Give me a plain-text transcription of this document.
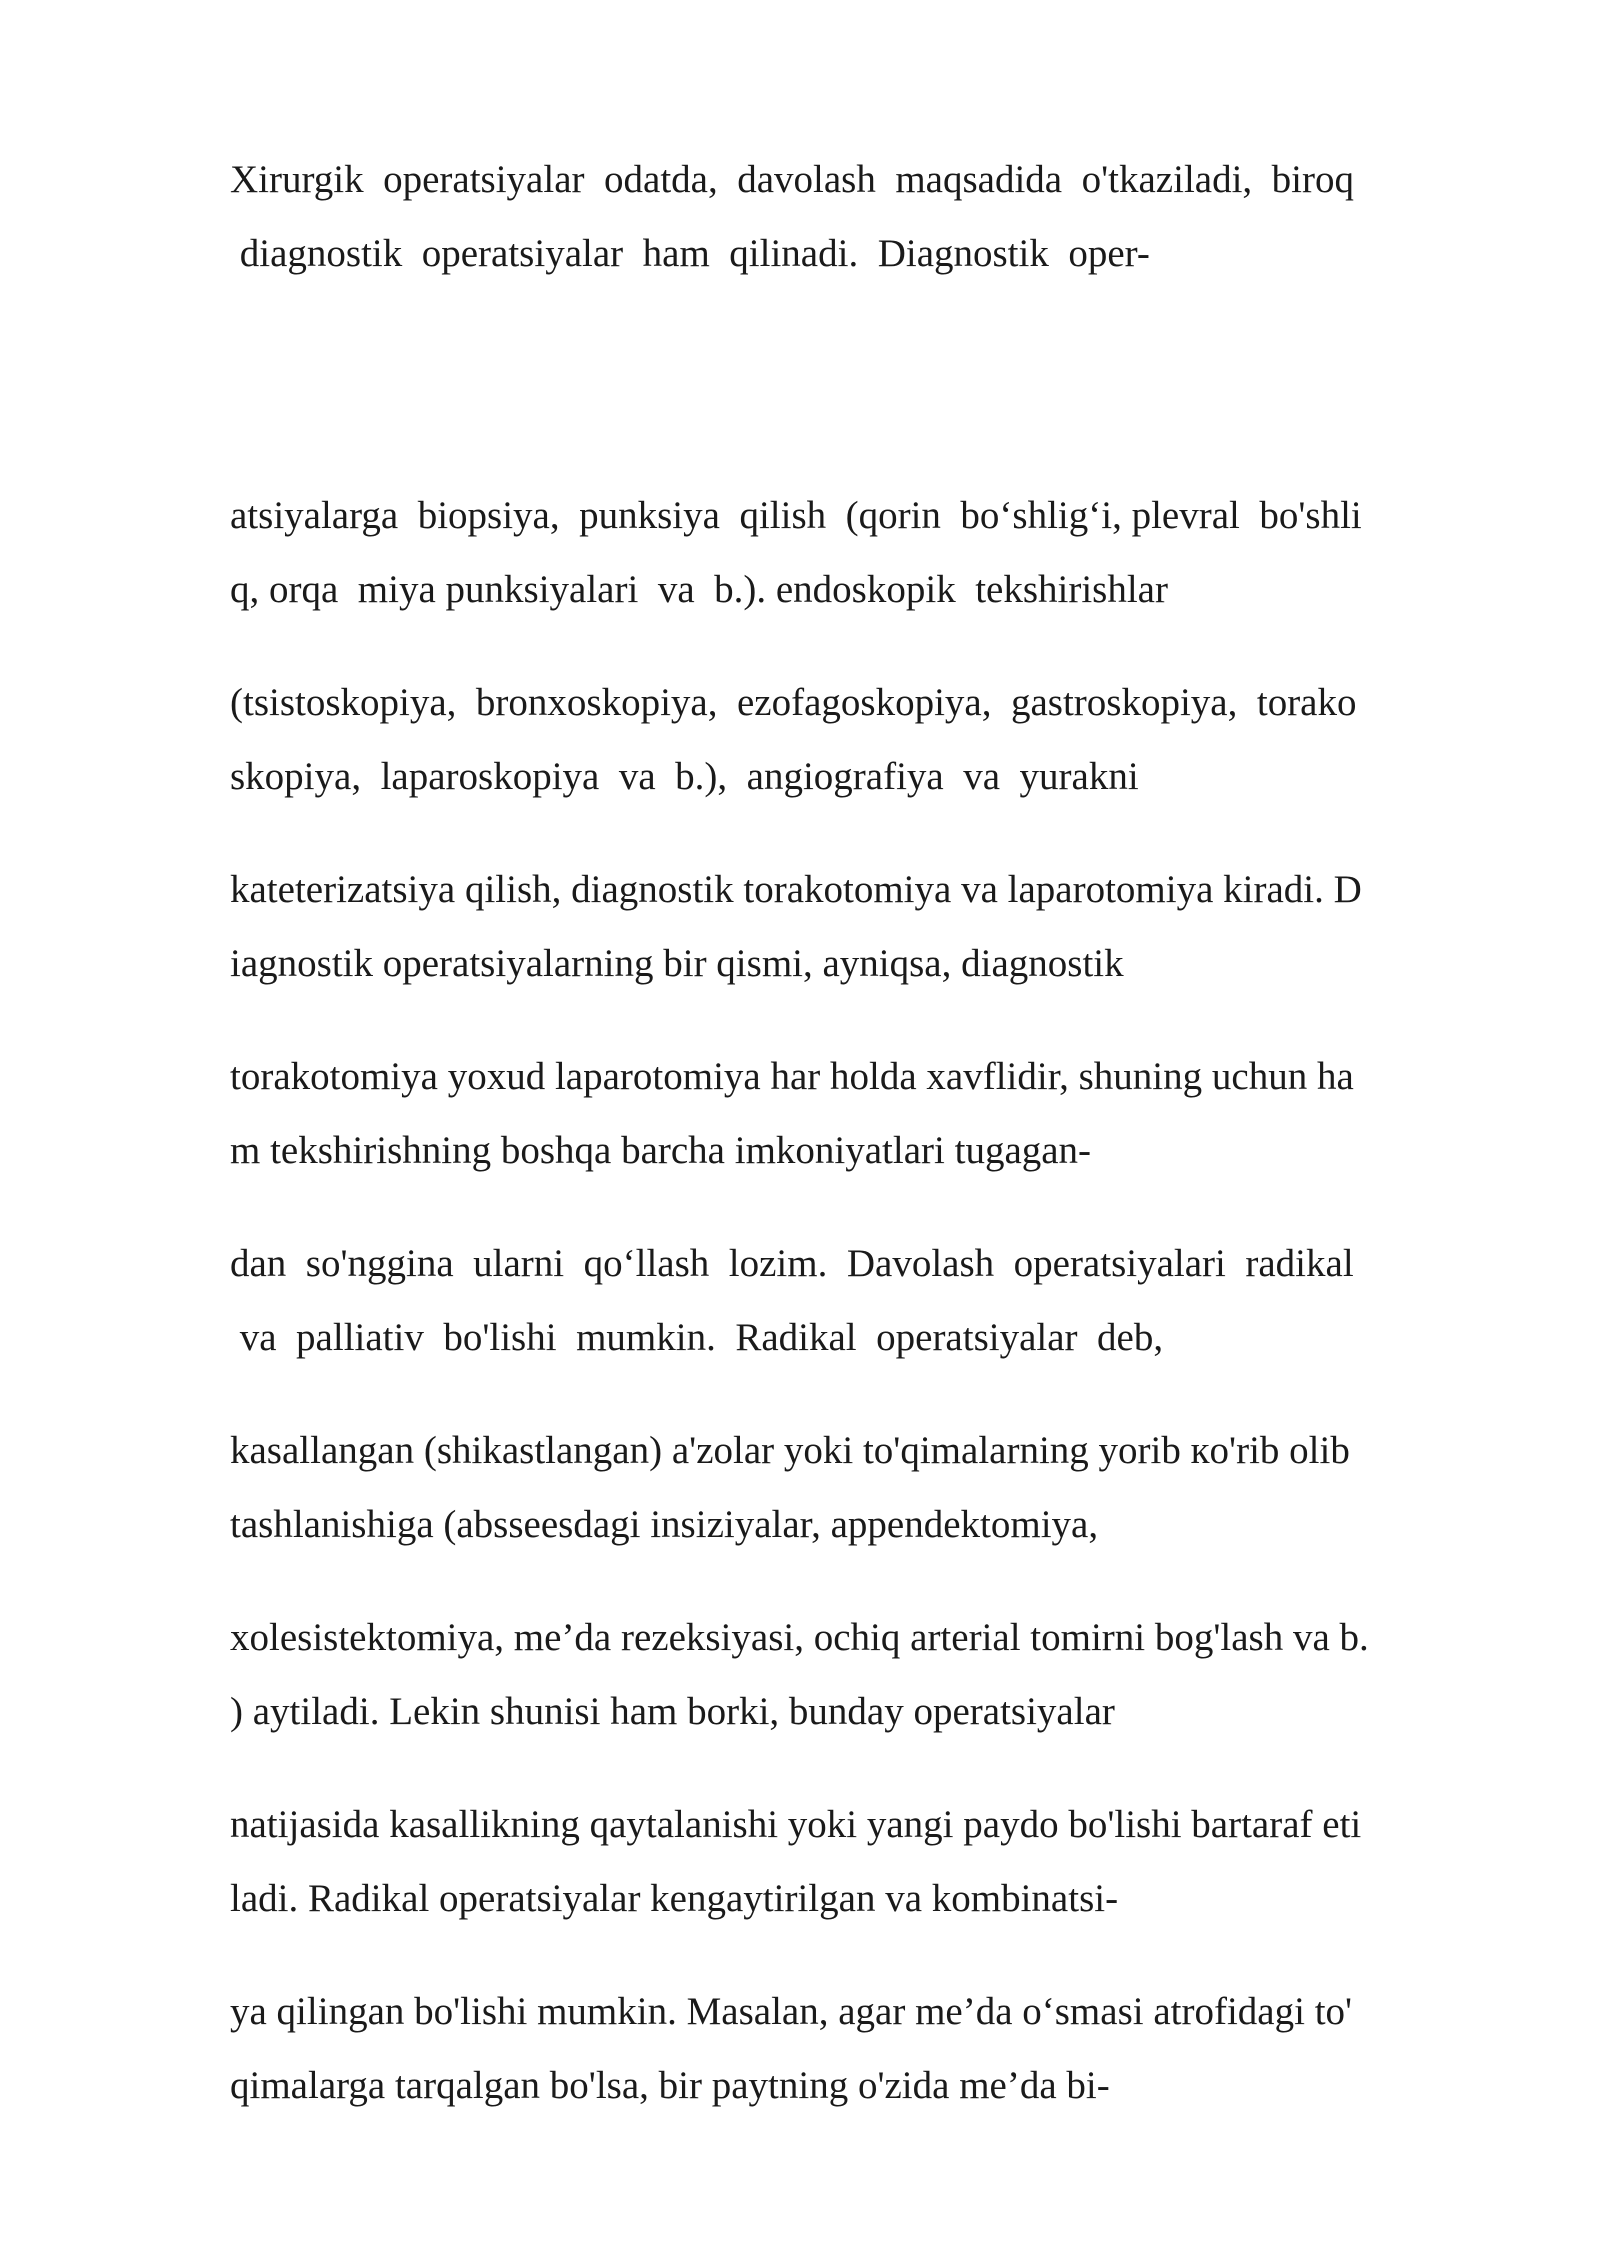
Xirurgik  operatsiyalar  odatda,  davolash  maqsadida  o'tkaziladi,  biroq

diagnostik  operatsiyalar  ham  qilinadi.  Diagnostik  oper-

atsiyalarga  biopsiya,  punksiya  qilish  (qorin  bo‘shlig‘i, plevral  bo'shli

q, orqa  miya punksiyalari  va  b.). endoskopik  tekshirishlar

(tsistoskopiya,  bronxoskopiya,  ezofagoskopiya,  gastroskopiya,  torako

skopiya,  laparoskopiya  va  b.),  angiografiya  va  yurakni

kateterizatsiya qilish, diagnostik torakotomiya va laparotomiya kiradi. D

iagnostik operatsiyalarning bir qismi, ayniqsa, diagnostik

torakotomiya yoxud laparotomiya har holda xavflidir, shuning uchun ha

m tekshirishning boshqa barcha imkoniyatlari tugagan-

dan  so'nggina  ularni  qo‘llash  lozim.  Davolash  operatsiyalari  radikal

va  palliativ  bo'lishi  mumkin.  Radikal  operatsiyalar  deb,

kasallangan (shikastlangan) a'zolar yoki to'qimalarning yorib кo'rib olib

tashlanishiga (absseesdagi insiziyalar, appendektomiya,

xolesistektomiya, me’da rezeksiyasi, ochiq arterial tomirni bog'lash va b.

) aytiladi. Lekin shunisi ham borki, bunday operatsiyalar

natijasida kasallikning qaytalanishi yoki yangi paydo bo'lishi bartaraf eti

ladi. Radikal operatsiyalar kengaytirilgan va kombinatsi-

ya qilingan bo'lishi mumkin. Masalan, agar me’da o‘smasi atrofidagi to'

qimalarga tarqalgan bo'lsa, bir paytning o'zida me’da bi-
